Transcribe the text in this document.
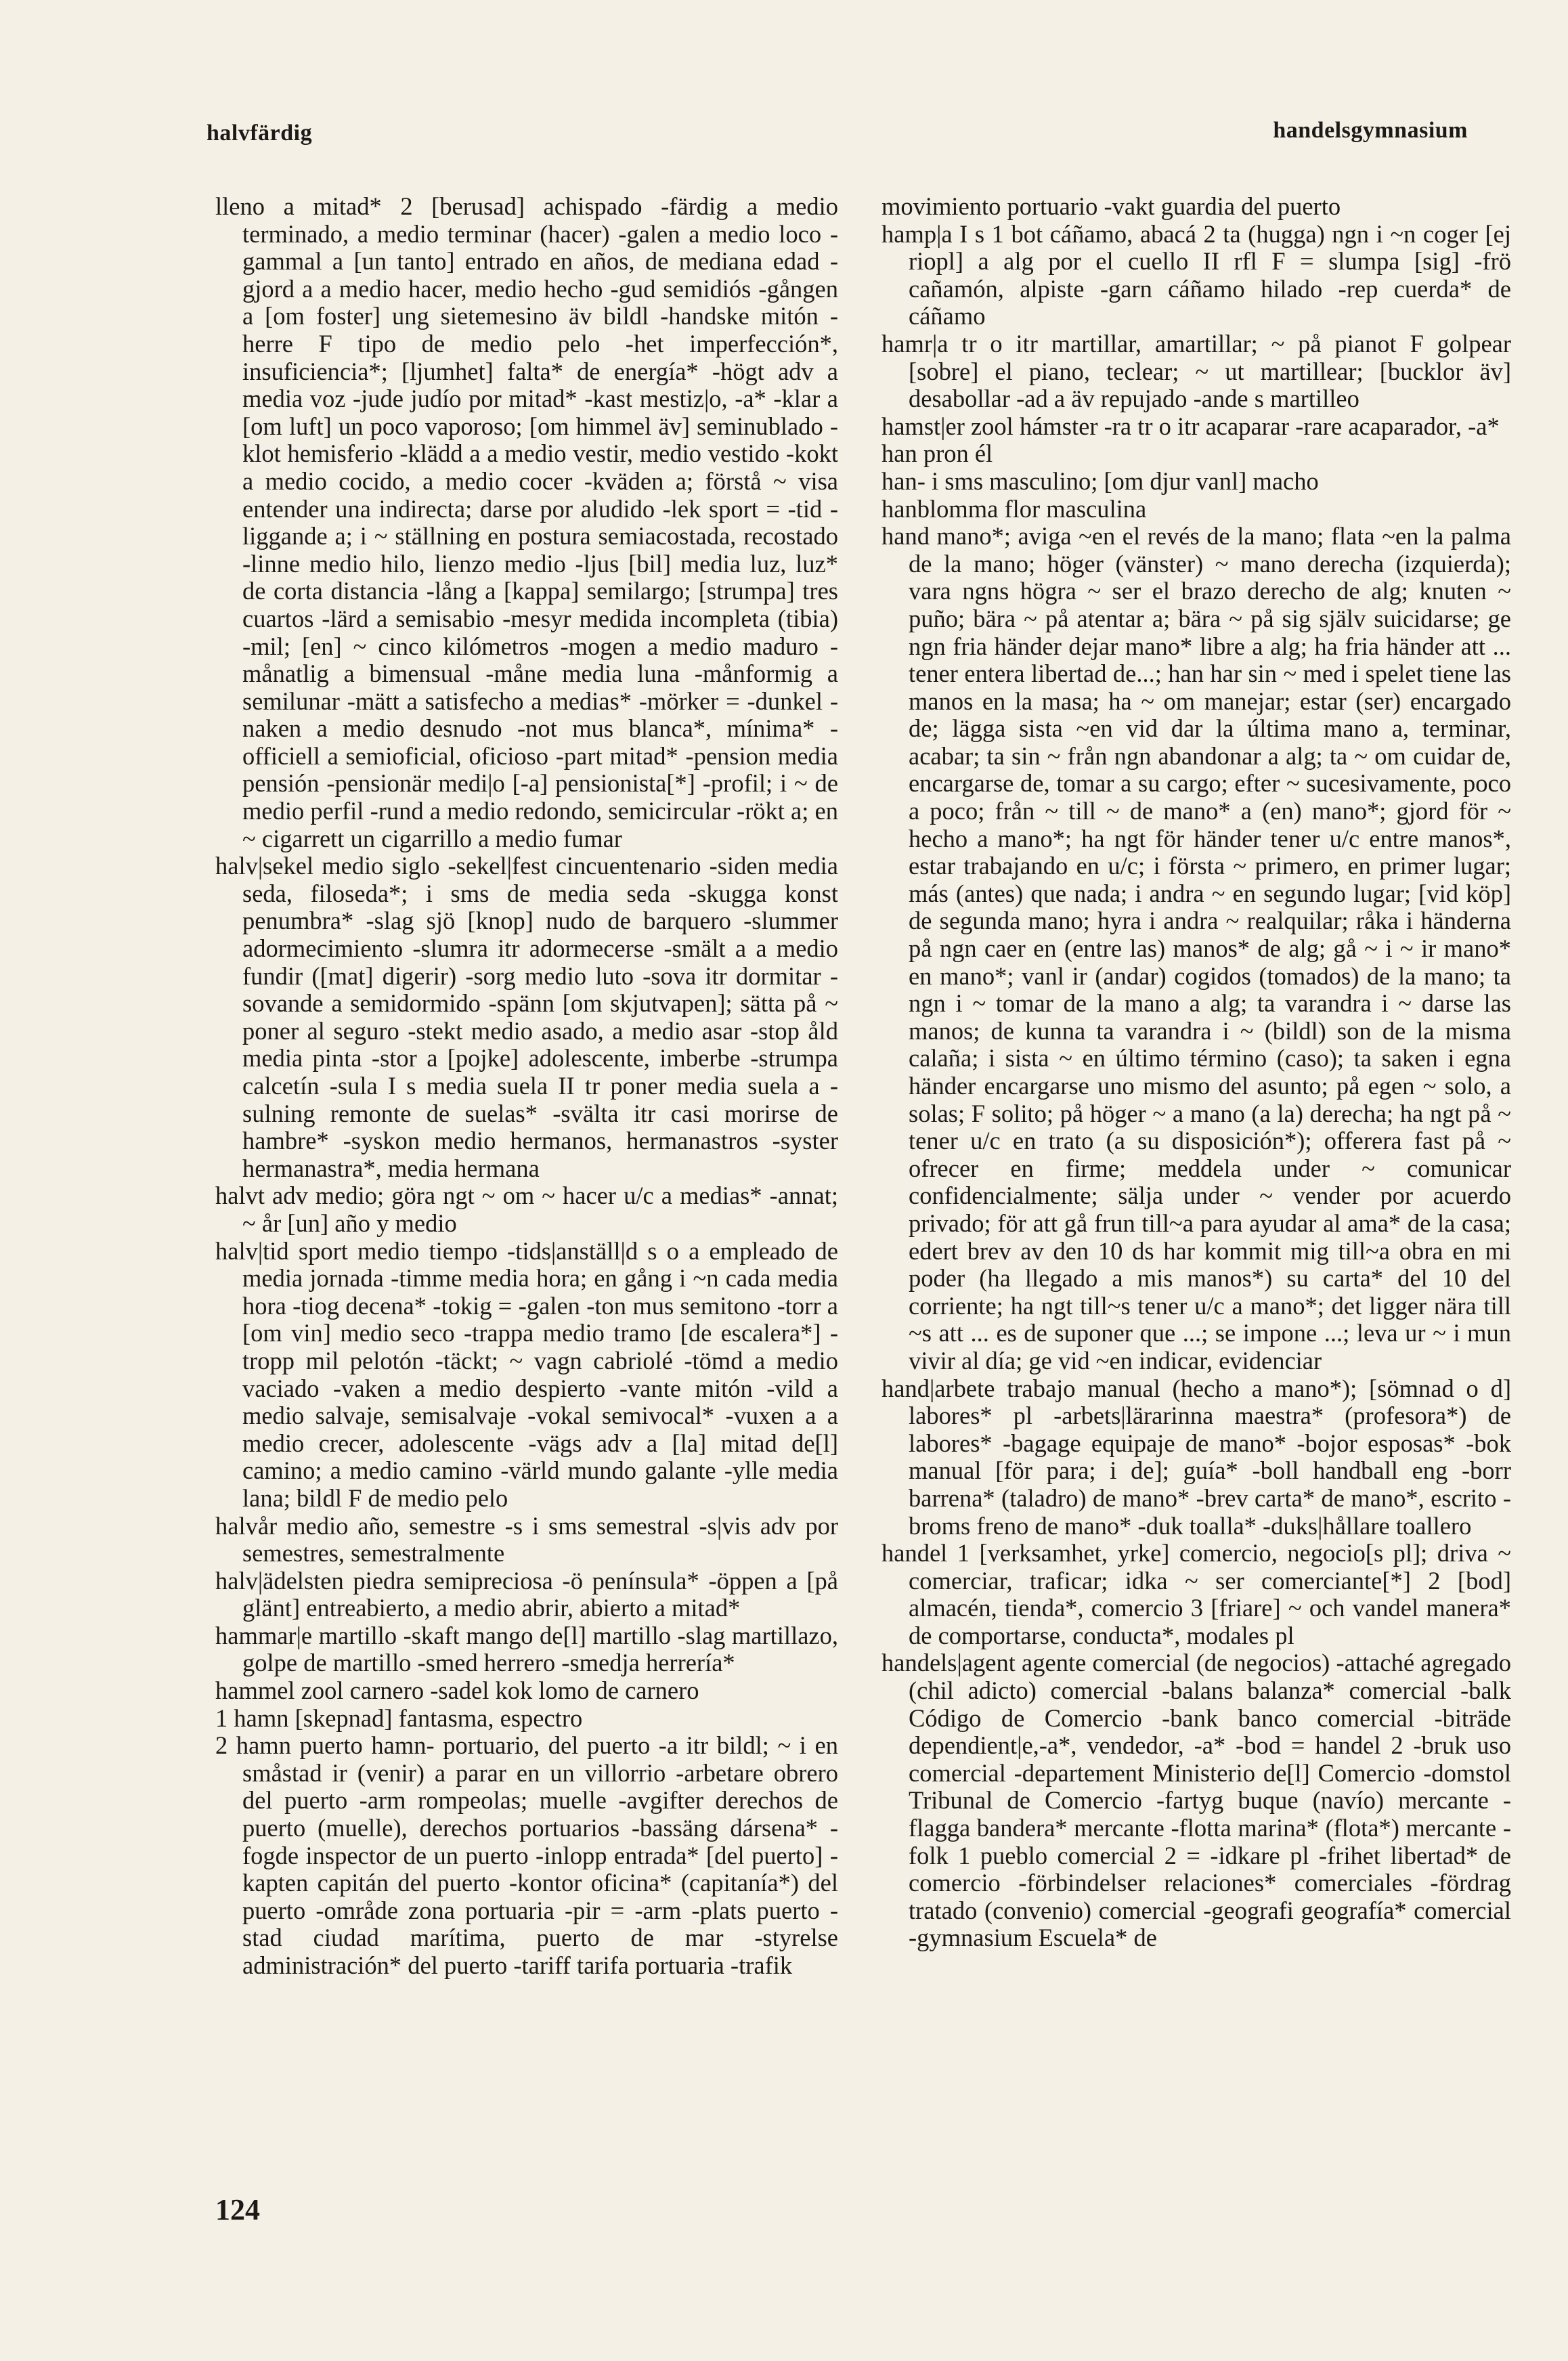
halvfärdig	handelsgymnasium

lleno a mitad* 2 [berusad] achispado -färdig a medio terminado, a medio terminar (hacer) -galen a medio loco -gammal a [un tanto] entrado en años, de mediana edad -gjord a a medio hacer, medio hecho -gud semidiós -gången a [om foster] ung sietemesino äv bildl -handske mitón -herre F tipo de medio pelo -het imperfección*, insuficiencia*; [ljumhet] falta* de energía* -högt adv a media voz -jude judío por mitad* -kast mestiz|o, -a* -klar a [om luft] un poco vaporoso; [om himmel äv] seminublado -klot hemisferio -klädd a a medio vestir, medio vestido -kokt a medio cocido, a medio cocer -kväden a; förstå ~ visa entender una indirecta; darse por aludido -lek sport = -tid -liggande a; i ~ ställning en postura semiacostada, recostado -linne medio hilo, lienzo medio -ljus [bil] media luz, luz* de corta distancia -lång a [kappa] semilargo; [strumpa] tres cuartos -lärd a semisabio -mesyr medida incompleta (tibia) -mil; [en] ~ cinco kilómetros -mogen a medio maduro -månatlig a bimensual -måne media luna -månformig a semilunar -mätt a satisfecho a medias* -mörker = -dunkel -naken a medio desnudo -not mus blanca*, mínima* -officiell a semioficial, oficioso -part mitad* -pension media pensión -pensionär medi|o [-a] pensionista[*] -profil; i ~ de medio perfil -rund a medio redondo, semicircular -rökt a; en ~ cigarrett un cigarrillo a medio fumar

halv|sekel medio siglo -sekel|fest cincuentenario -siden media seda, filoseda*; i sms de media seda -skugga konst penumbra* -slag sjö [knop] nudo de barquero -slummer adormecimiento -slumra itr adormecerse -smält a a medio fundir ([mat] digerir) -sorg medio luto -sova itr dormitar -sovande a semidormido -spänn [om skjutvapen]; sätta på ~ poner al seguro -stekt medio asado, a medio asar -stop åld media pinta -stor a [pojke] adolescente, imberbe -strumpa calcetín -sula I s media suela II tr poner media suela a -sulning remonte de suelas* -svälta itr casi morirse de hambre* -syskon medio hermanos, hermanastros -syster hermanastra*, media hermana

halvt adv medio; göra ngt ~ om ~ hacer u/c a medias* -annat; ~ år [un] año y medio

halv|tid sport medio tiempo -tids|anställ|d s o a empleado de media jornada -timme media hora; en gång i ~n cada media hora -tiog decena* -tokig = -galen -ton mus semitono -torr a [om vin] medio seco -trappa medio tramo [de escalera*] -tropp mil pelotón -täckt; ~ vagn cabriolé -tömd a medio vaciado -vaken a medio despierto -vante mitón -vild a medio salvaje, semisalvaje -vokal semivocal* -vuxen a a medio crecer, adolescente -vägs adv a [la] mitad de[l] camino; a medio camino -värld mundo galante -ylle media lana; bildl F de medio pelo

halvår medio año, semestre -s i sms semestral -s|vis adv por semestres, semestralmente

halv|ädelsten piedra semipreciosa -ö península* -öppen a [på glänt] entreabierto, a medio abrir, abierto a mitad*

hammar|e martillo -skaft mango de[l] martillo -slag martillazo, golpe de martillo -smed herrero -smedja herrería*

hammel zool carnero -sadel kok lomo de carnero

1 hamn [skepnad] fantasma, espectro

2 hamn puerto hamn- portuario, del puerto -a itr bildl; ~ i en småstad ir (venir) a parar en un villorrio -arbetare obrero del puerto -arm rompeolas; muelle -avgifter derechos de puerto (muelle), derechos portuarios -bassäng dársena* -fogde inspector de un puerto -inlopp entrada* [del puerto] -kapten capitán del puerto -kontor oficina* (capitanía*) del puerto -område zona portuaria -pir = -arm -plats puerto -stad ciudad marítima, puerto de mar -styrelse administración* del puerto -tariff tarifa portuaria -trafik

movimiento portuario -vakt guardia del puerto

hamp|a I s 1 bot cáñamo, abacá 2 ta (hugga) ngn i ~n coger [ej riopl] a alg por el cuello II rfl F = slumpa [sig] -frö cañamón, alpiste -garn cáñamo hilado -rep cuerda* de cáñamo

hamr|a tr o itr martillar, amartillar; ~ på pianot F golpear [sobre] el piano, teclear; ~ ut martillear; [bucklor äv] desabollar -ad a äv repujado -ande s martilleo

hamst|er zool hámster -ra tr o itr acaparar -rare acaparador, -a*

han pron él

han- i sms masculino; [om djur vanl] macho

hanblomma flor masculina

hand mano*; aviga ~en el revés de la mano; flata ~en la palma de la mano; höger (vänster) ~ mano derecha (izquierda); vara ngns högra ~ ser el brazo derecho de alg; knuten ~ puño; bära ~ på atentar a; bära ~ på sig själv suicidarse; ge ngn fria händer dejar mano* libre a alg; ha fria händer att ... tener entera libertad de...; han har sin ~ med i spelet tiene las manos en la masa; ha ~ om manejar; estar (ser) encargado de; lägga sista ~en vid dar la última mano a, terminar, acabar; ta sin ~ från ngn abandonar a alg; ta ~ om cuidar de, encargarse de, tomar a su cargo; efter ~ sucesivamente, poco a poco; från ~ till ~ de mano* a (en) mano*; gjord för ~ hecho a mano*; ha ngt för händer tener u/c entre manos*, estar trabajando en u/c; i första ~ primero, en primer lugar; más (antes) que nada; i andra ~ en segundo lugar; [vid köp] de segunda mano; hyra i andra ~ realquilar; råka i händerna på ngn caer en (entre las) manos* de alg; gå ~ i ~ ir mano* en mano*; vanl ir (andar) cogidos (tomados) de la mano; ta ngn i ~ tomar de la mano a alg; ta varandra i ~ darse las manos; de kunna ta varandra i ~ (bildl) son de la misma calaña; i sista ~ en último término (caso); ta saken i egna händer encargarse uno mismo del asunto; på egen ~ solo, a solas; F solito; på höger ~ a mano (a la) derecha; ha ngt på ~ tener u/c en trato (a su disposición*); offerera fast på ~ ofrecer en firme; meddela under ~ comunicar confidencialmente; sälja under ~ vender por acuerdo privado; för att gå frun till~a para ayudar al ama* de la casa; edert brev av den 10 ds har kommit mig till~a obra en mi poder (ha llegado a mis manos*) su carta* del 10 del corriente; ha ngt till~s tener u/c a mano*; det ligger nära till ~s att ... es de suponer que ...; se impone ...; leva ur ~ i mun vivir al día; ge vid ~en indicar, evidenciar

hand|arbete trabajo manual (hecho a mano*); [sömnad o d] labores* pl -arbets|lärarinna maestra* (profesora*) de labores* -bagage equipaje de mano* -bojor esposas* -bok manual [för para; i de]; guía* -boll handball eng -borr barrena* (taladro) de mano* -brev carta* de mano*, escrito -broms freno de mano* -duk toalla* -duks|hållare toallero

handel 1 [verksamhet, yrke] comercio, negocio[s pl]; driva ~ comerciar, traficar; idka ~ ser comerciante[*] 2 [bod] almacén, tienda*, comercio 3 [friare] ~ och vandel manera* de comportarse, conducta*, modales pl

handels|agent agente comercial (de negocios) -attaché agregado (chil adicto) comercial -balans balanza* comercial -balk Código de Comercio -bank banco comercial -biträde dependient|e,-a*, vendedor, -a* -bod = handel 2 -bruk uso comercial -departement Ministerio de[l] Comercio -domstol Tribunal de Comercio -fartyg buque (navío) mercante -flagga bandera* mercante -flotta marina* (flota*) mercante -folk 1 pueblo comercial 2 = -idkare pl -frihet libertad* de comercio -förbindelser relaciones* comerciales -fördrag tratado (convenio) comercial -geografi geografía* comercial -gymnasium Escuela* de

124
